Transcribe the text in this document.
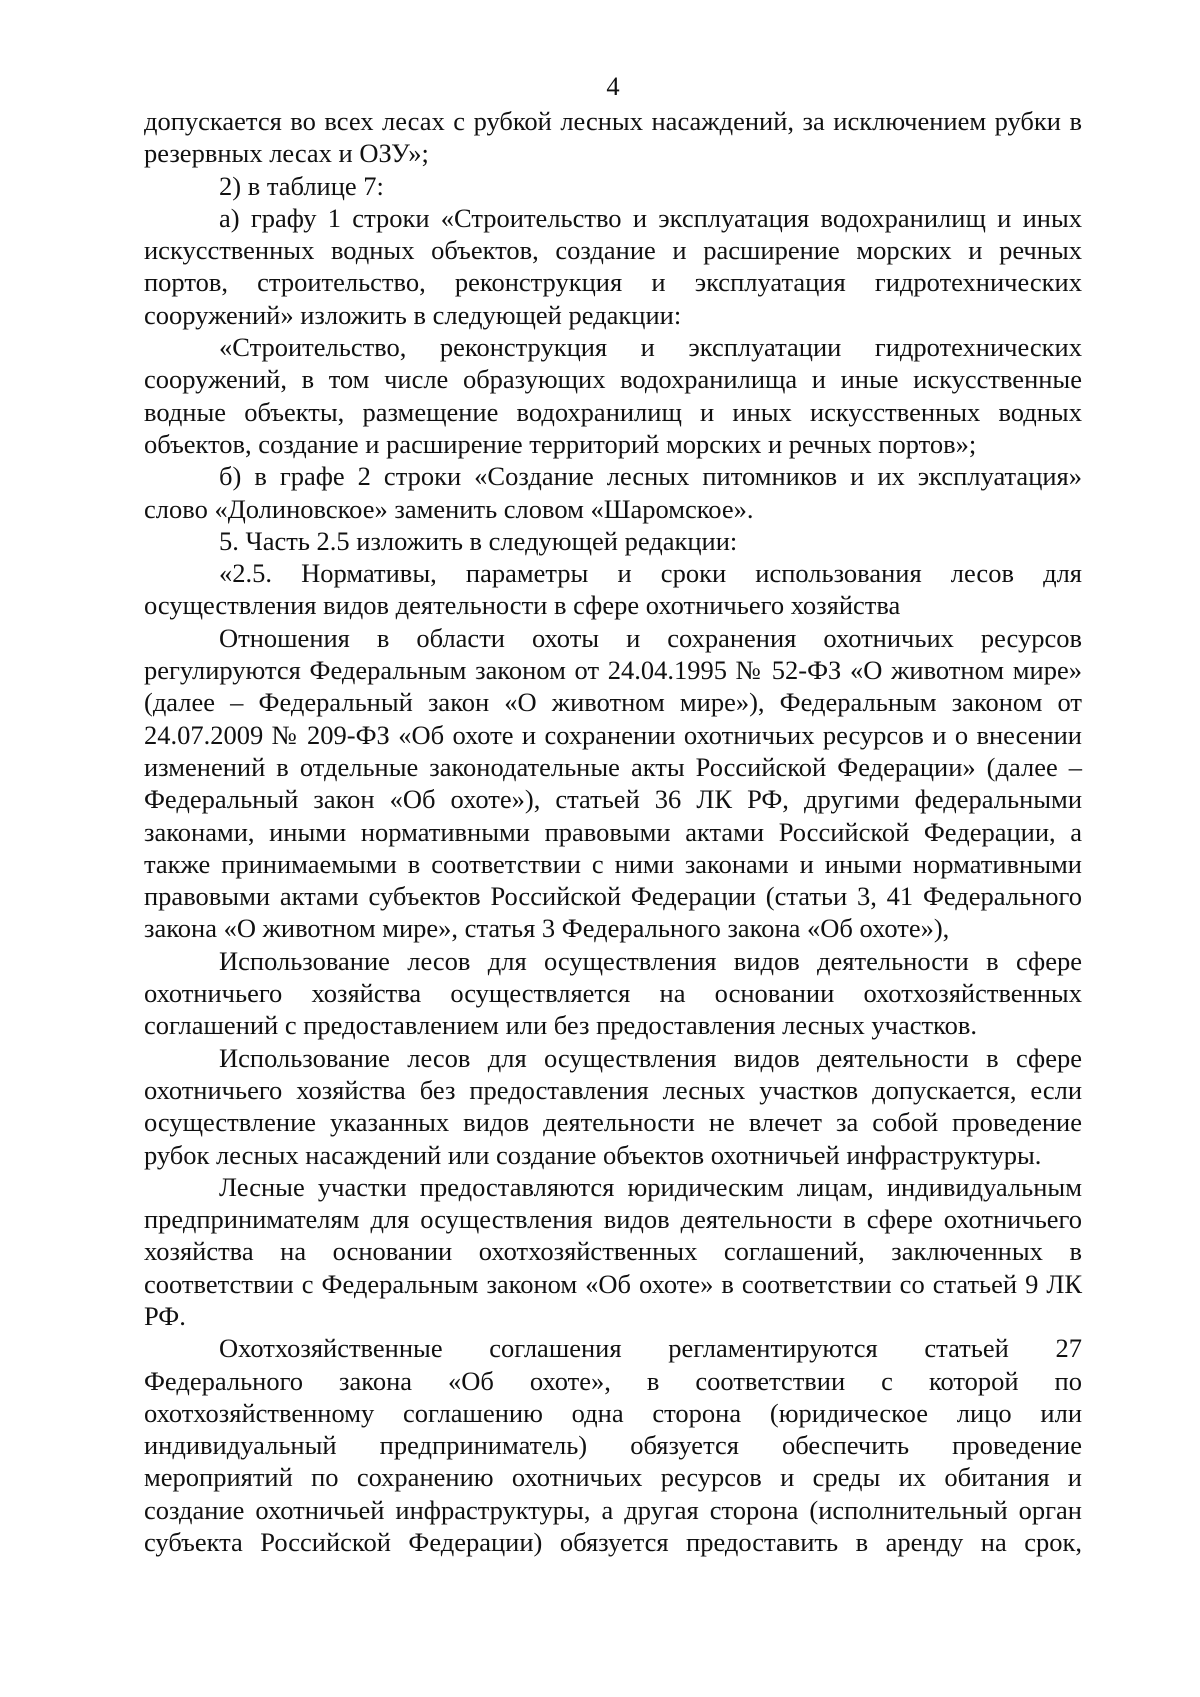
4

допускается во всех лесах с рубкой лесных насаждений, за исключением рубки в резервных лесах и ОЗУ»;

2) в таблице 7:

а) графу 1 строки «Строительство и эксплуатация водохранилищ и иных искусственных водных объектов, создание и расширение морских и речных портов, строительство, реконструкция и эксплуатация гидротехнических сооружений» изложить в следующей редакции:

«Строительство, реконструкция и эксплуатации гидротехнических сооружений, в том числе образующих водохранилища и иные искусственные водные объекты, размещение водохранилищ и иных искусственных водных объектов, создание и расширение территорий морских и речных портов»;

б) в графе 2 строки «Создание лесных питомников и их эксплуатация» слово «Долиновское» заменить словом «Шаромское».

5. Часть 2.5 изложить в следующей редакции:

«2.5. Нормативы, параметры и сроки использования лесов для осуществления видов деятельности в сфере охотничьего хозяйства

Отношения в области охоты и сохранения охотничьих ресурсов регулируются Федеральным законом от 24.04.1995 № 52-ФЗ «О животном мире» (далее – Федеральный закон «О животном мире»), Федеральным законом от 24.07.2009 № 209-ФЗ «Об охоте и сохранении охотничьих ресурсов и о внесении изменений в отдельные законодательные акты Российской Федерации» (далее – Федеральный закон «Об охоте»), статьей 36 ЛК РФ, другими федеральными законами, иными нормативными правовыми актами Российской Федерации, а также принимаемыми в соответствии с ними законами и иными нормативными правовыми актами субъектов Российской Федерации (статьи 3, 41 Федерального закона «О животном мире», статья 3 Федерального закона «Об охоте»),

Использование лесов для осуществления видов деятельности в сфере охотничьего хозяйства осуществляется на основании охотхозяйственных соглашений с предоставлением или без предоставления лесных участков.

Использование лесов для осуществления видов деятельности в сфере охотничьего хозяйства без предоставления лесных участков допускается, если осуществление указанных видов деятельности не влечет за собой проведение рубок лесных насаждений или создание объектов охотничьей инфраструктуры.

Лесные участки предоставляются юридическим лицам, индивидуальным предпринимателям для осуществления видов деятельности в сфере охотничьего хозяйства на основании охотхозяйственных соглашений, заключенных в соответствии с Федеральным законом «Об охоте» в соответствии со статьей 9 ЛК РФ.

Охотхозяйственные соглашения регламентируются статьей 27 Федерального закона «Об охоте», в соответствии с которой по охотхозяйственному соглашению одна сторона (юридическое лицо или индивидуальный предприниматель) обязуется обеспечить проведение мероприятий по сохранению охотничьих ресурсов и среды их обитания и создание охотничьей инфраструктуры, а другая сторона (исполнительный орган субъекта Российской Федерации) обязуется предоставить в аренду на срок,
